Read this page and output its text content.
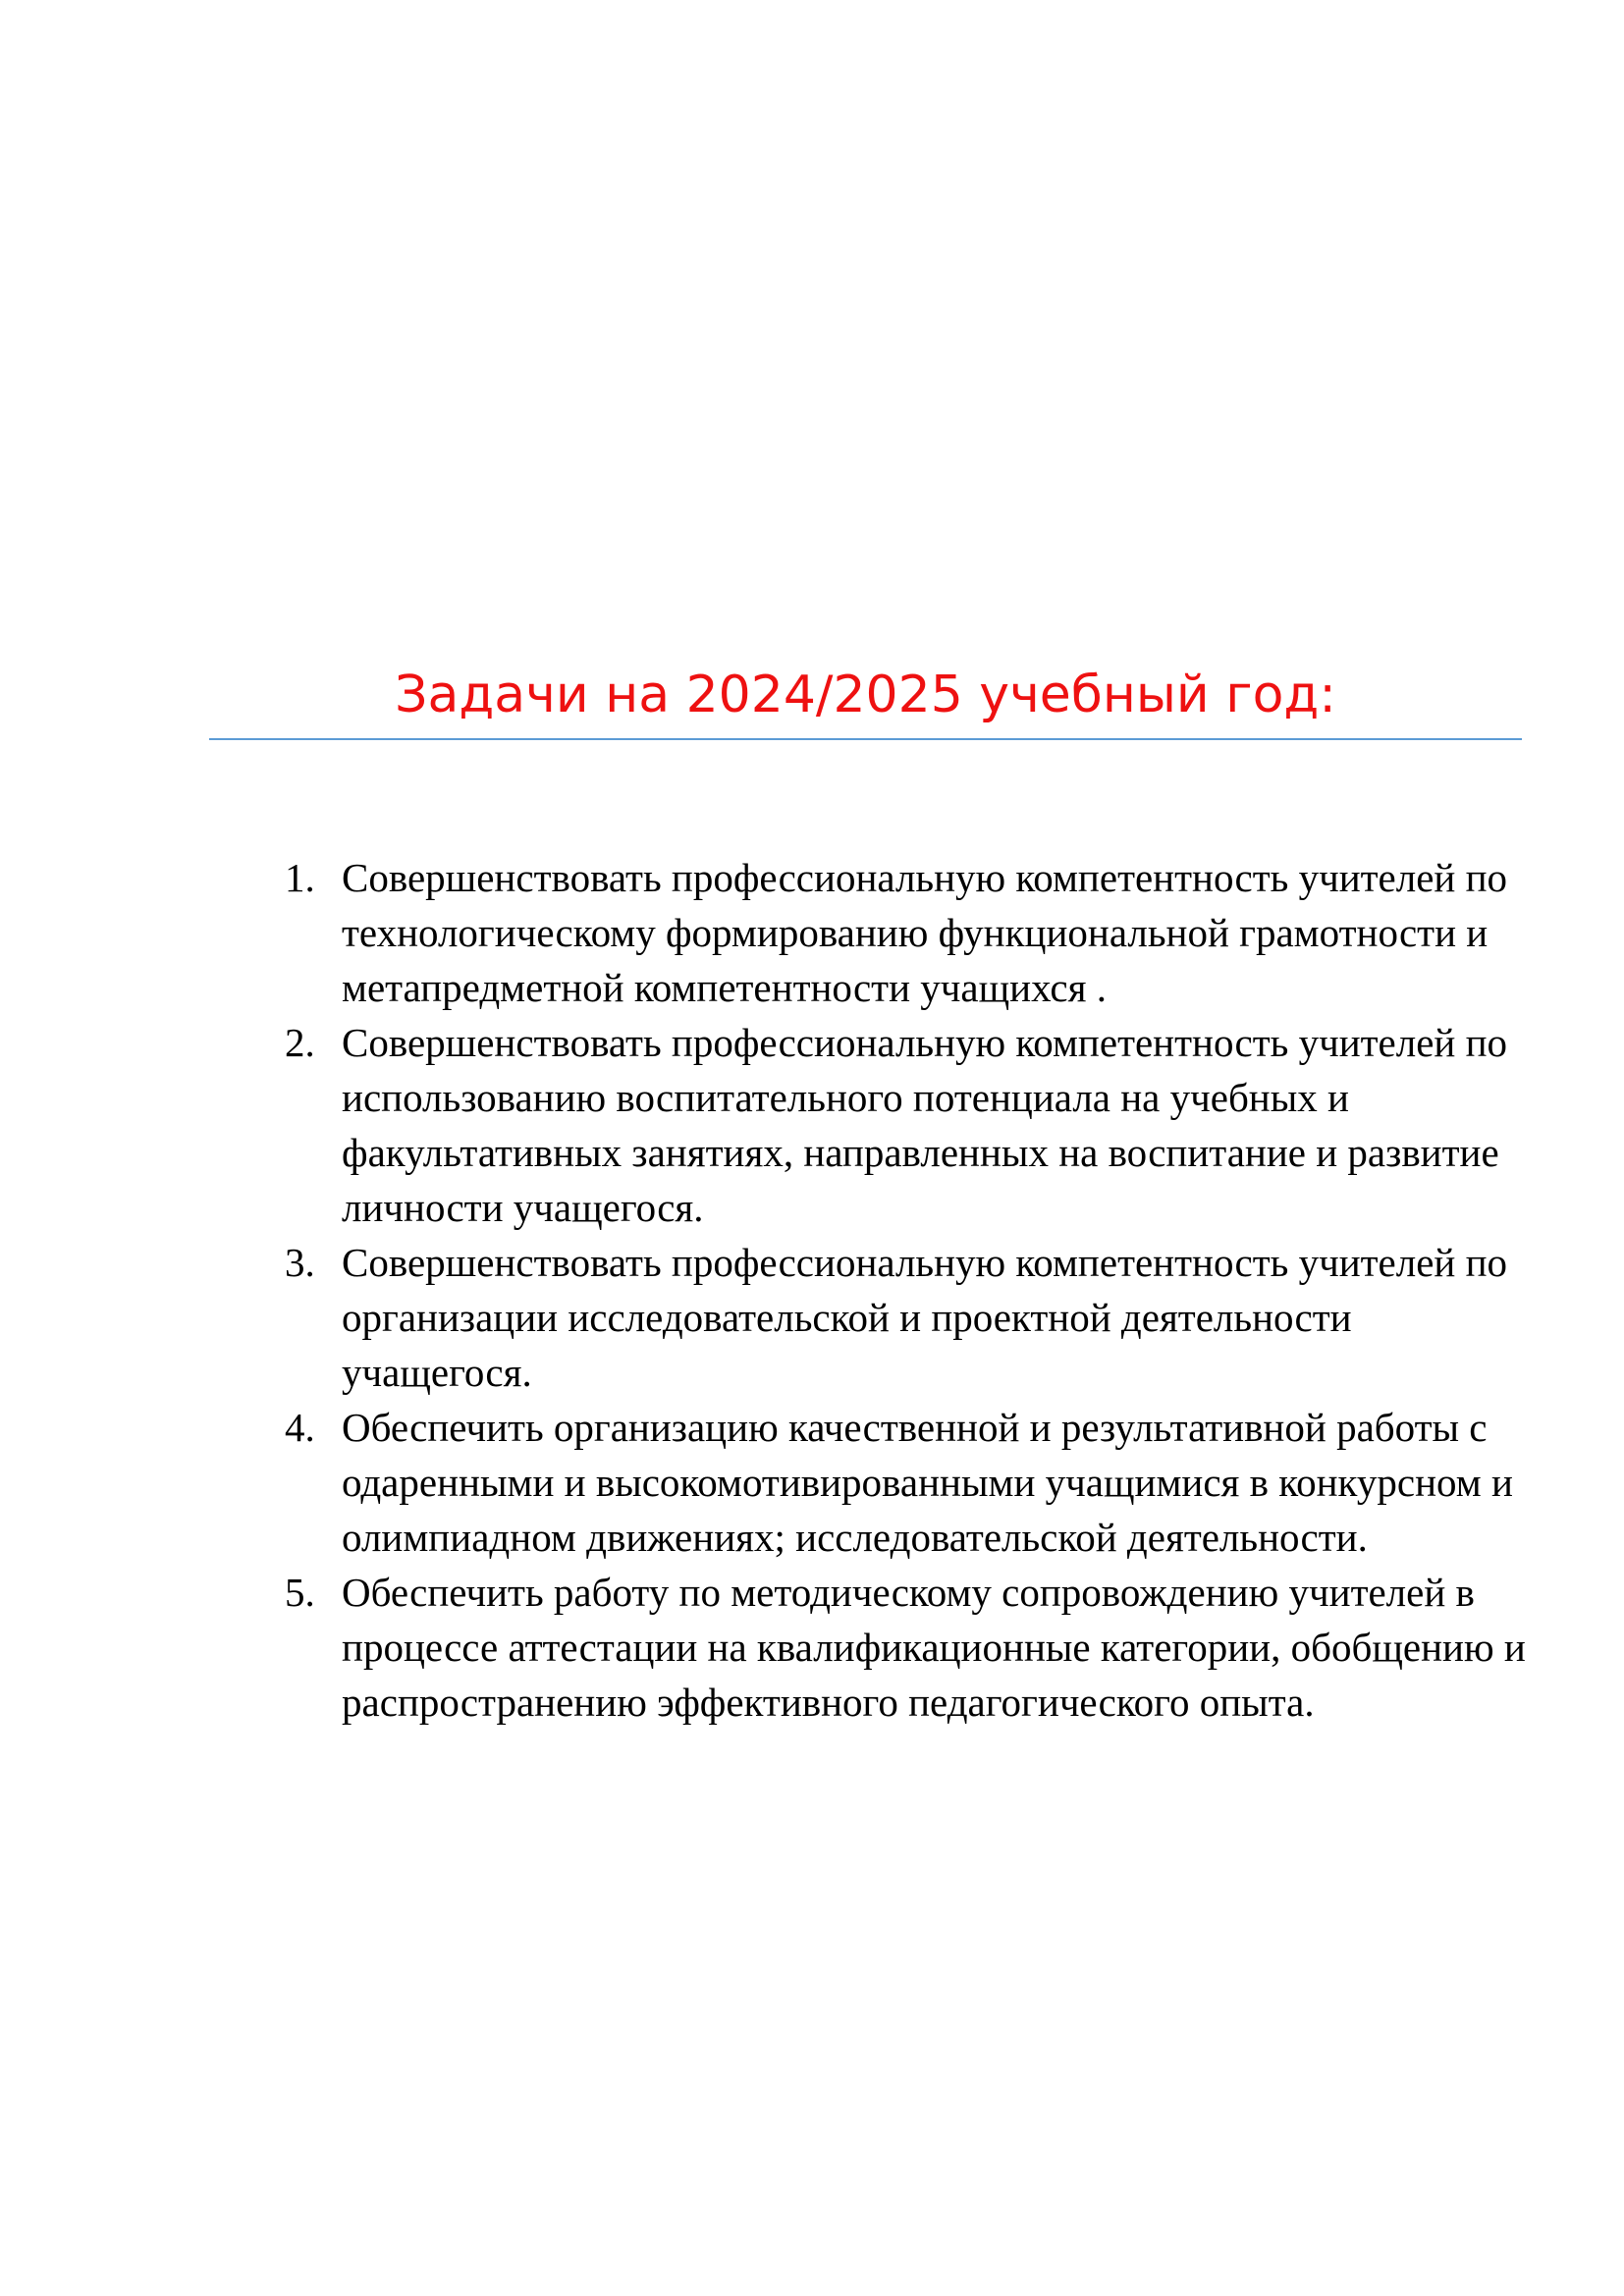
Задачи на 2024/2025 учебный год:
1. Совершенствовать профессиональную компетентность учителей по технологическому формированию функциональной грамотности и метапредметной компетентности учащихся .
2. Совершенствовать профессиональную компетентность учителей по использованию воспитательного потенциала на учебных и факультативных занятиях, направленных на воспитание и развитие личности учащегося.
3. Совершенствовать профессиональную компетентность учителей по организации исследовательской и проектной деятельности учащегося.
4. Обеспечить организацию качественной и результативной работы с одаренными и высокомотивированными учащимися в конкурсном и олимпиадном движениях; исследовательской деятельности.
5. Обеспечить работу по методическому сопровождению учителей в процессе аттестации на квалификационные категории, обобщению и распространению эффективного педагогического опыта.
